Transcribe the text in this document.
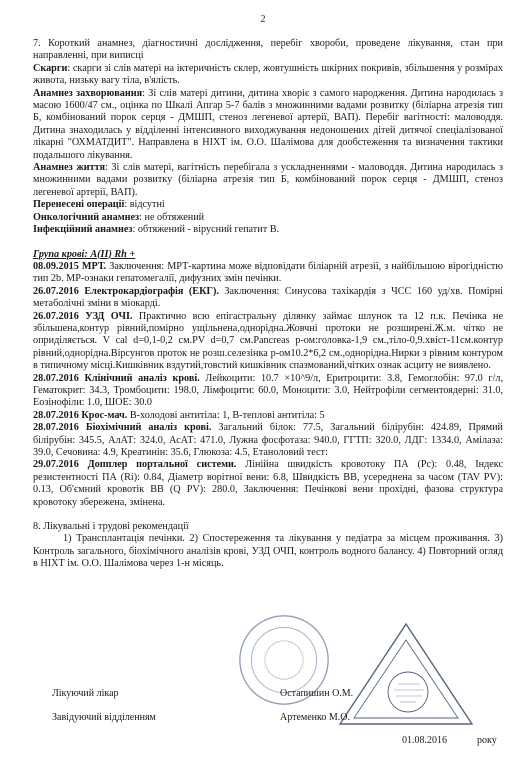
2

7. Короткий анамнез, діагностичні дослідження, перебіг хвороби, проведене лікування, стан при направленні, при виписці

Скарги: скарги зі слів матері на іктеричність склер, жовтушність шкірних покривів, збільшення у розмірах живота, низьку вагу тіла, в'ялість.

Анамнез захворювання: Зі слів матері дитини, дитина хворіє з самого народження. Дитина народилась з масою 1600/47 см., оцінка по Шкалі Апгар 5-7 балів з множинними вадами розвитку (біліарна атрезія тип Б, комбінований порок серця - ДМШП, стеноз легеневої артерії, ВАП). Перебіг вагітності: маловоддя. Дитина знаходилась у відділенні інтенсивного виходжування недоношених дітей дитячої спеціалізованої лікарні "ОХМАТДИТ". Направлена в НІХТ ім. О.О. Шалімова для дообстеження та визначення тактики подальшого лікування.

Анамнез життя: Зі слів матері, вагітність перебігала з ускладненнями - маловоддя. Дитина народилась з множинними вадами розвитку (біліарна атрезія тип Б, комбінований порок серця - ДМШП, стеноз легеневої артерії, ВАП).

Перенесені операції: відсутні

Онкологічний анамнез: не обтяжений

Інфекційний анамнез: обтяжений - вірусний гепатит В.

Група крові: A(II) Rh +

08.09.2015 МРТ. Заключення: МРТ-картина може відповідати біліарній атрезії, з найбільшою вірогідністю тип 2b. МР-ознаки гепатомегалії, дифузних змін печінки.

26.07.2016 Електрокардіографія (ЕКГ). Заключення: Синусова тахікардія з ЧСС 160 уд/хв. Помірні метаболічні зміни в міокарді.

26.07.2016 УЗД ОЧІ. Практично всю епігастральну ділянку займає шлунок та 12 п.к. Печінка не збільшена,контур рівний,помірно ущільнена,однорідна.Жовчні протоки не розширені.Ж.м. чітко не оприділяється. V cal d=0,1-0,2 см.PV d=0,7 см.Pancreas р-ом:головка-1,9 см.,тіло-0,9.хвіст-11см.контур рівний,однорідна.Вірсунгов проток не розш.селезінка р-ом10.2*6,2 см.,однорідна.Нирки з рівним контуром в типичному місці.Кишківник вздутий,товстий кишківник спазмований,чітких ознак асциту не виявлено.

28.07.2016 Клінічний аналіз крові. Лейкоцити: 10.7 ×10^9/л, Еритроцити: 3.8, Гемоглобін: 97.0 г/л, Гематокрит: 34.3, Тромбоцити: 198.0, Лімфоцити: 60.0, Моноцити: 3.0, Нейтрофіли сегментоядерні: 31.0, Еозінофіли: 1.0, ШОЕ: 30.0

28.07.2016 Крос-мач. В-холодові антитіла: 1, В-теплові антитіла: 5

28.07.2016 Біохімічний аналіз крові. Загальний білок: 77.5, Загальний білірубін: 424.89, Прямий білірубін: 345.5, АлАТ: 324.0, АсАТ: 471.0, Лужна фосфотаза: 940.0, ГГТП: 320.0, ЛДГ: 1334.0, Амілаза: 39.0, Сечовина: 4.9, Креатинін: 35.6, Глюкоза: 4.5, Етаноловий тест:

29.07.2016 Допплер портальної системи. Лінійна швидкість кровотоку ПА (Pc): 0.48, Індекс резистентності ПА (Ri): 0.84, Діаметр ворітної вени: 6.8, Швидкість ВВ, усереднена за часом (TAV PV): 0.13, Об'ємний кровотік ВВ (Q PV): 280.0, Заключення: Печінкові вени прохідні, фазова структура кровотоку збережена, змінена.

8. Лікувальні і трудові рекомендації

1) Трансплантація печінки. 2) Спостереження та лікування у педіатра за місцем проживання. 3) Контроль загального, біохімічного аналізів крові, УЗД ОЧП, контроль водного балансу. 4) Повторний огляд в НІХТ ім. О.О. Шалімова через 1-н місяць.

Лікуючий лікар	Остапишин О.М.
Завідуючий відділенням	Артеменко М.О.
01.08.2016	року
